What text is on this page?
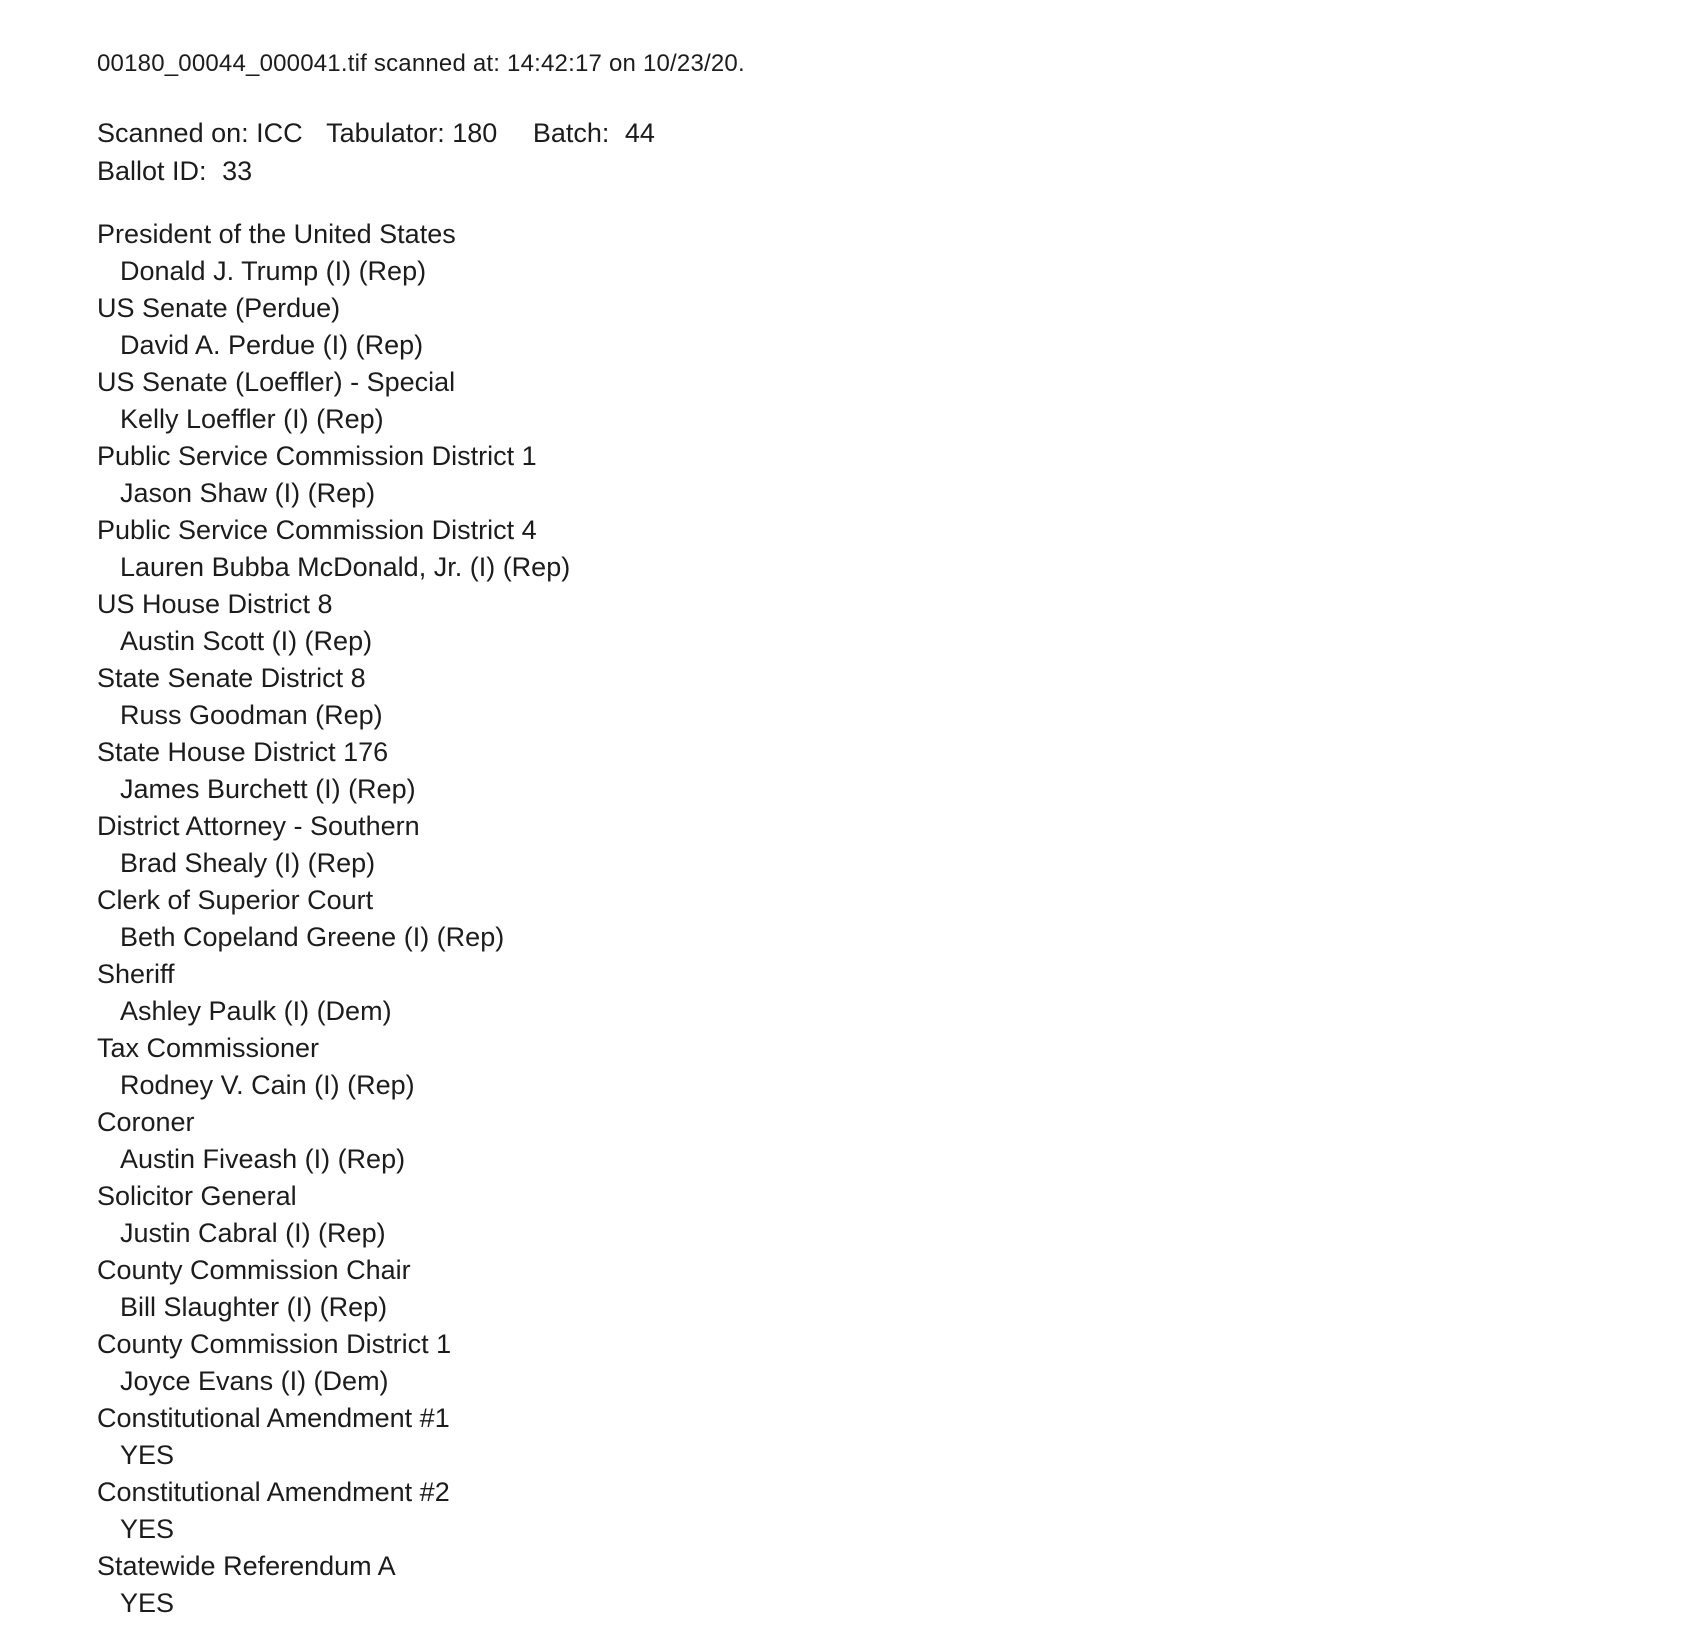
00180_00044_000041.tif scanned at: 14:42:17 on 10/23/20.
Scanned on: ICC Tabulator: 180 Batch: 44
Ballot ID: 33
President of the United States
Donald J. Trump (I) (Rep)
US Senate (Perdue)
David A. Perdue (I) (Rep)
US Senate (Loeffler) - Special
Kelly Loeffler (I) (Rep)
Public Service Commission District 1
Jason Shaw (I) (Rep)
Public Service Commission District 4
Lauren Bubba McDonald, Jr. (I) (Rep)
US House District 8
Austin Scott (I) (Rep)
State Senate District 8
Russ Goodman (Rep)
State House District 176
James Burchett (I) (Rep)
District Attorney - Southern
Brad Shealy (I) (Rep)
Clerk of Superior Court
Beth Copeland Greene (I) (Rep)
Sheriff
Ashley Paulk (I) (Dem)
Tax Commissioner
Rodney V. Cain (I) (Rep)
Coroner
Austin Fiveash (I) (Rep)
Solicitor General
Justin Cabral (I) (Rep)
County Commission Chair
Bill Slaughter (I) (Rep)
County Commission District 1
Joyce Evans (I) (Dem)
Constitutional Amendment #1
YES
Constitutional Amendment #2
YES
Statewide Referendum A
YES
